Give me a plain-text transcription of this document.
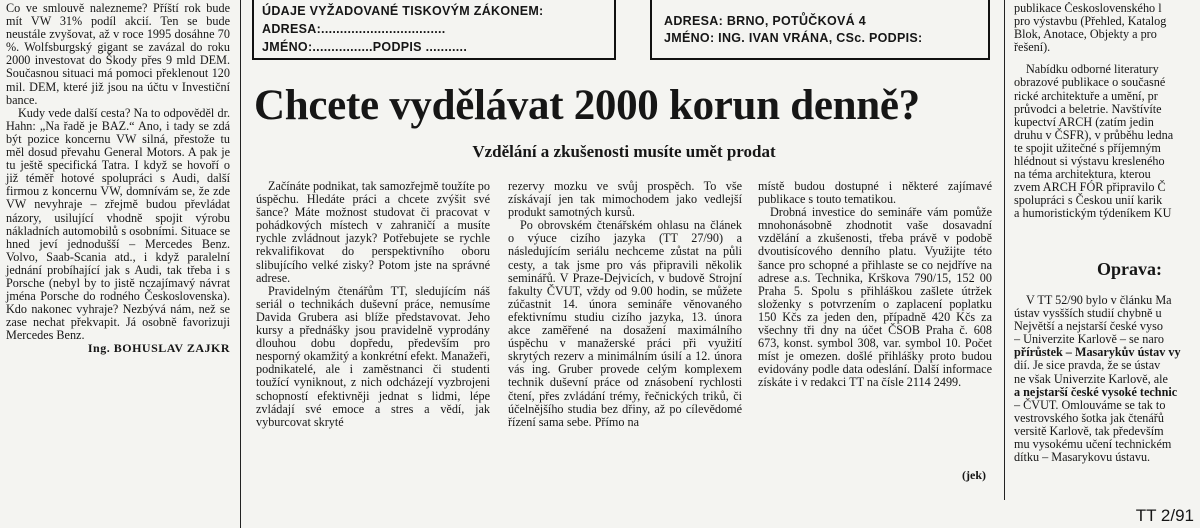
Co ve smlouvě nalezneme? Příští rok bude mít VW 31% podíl akcií. Ten se bude neustále zvyšovat, až v roce 1995 dosáhne 70 %. Wolfsburgský gigant se zavázal do roku 2000 investovat do Škody přes 9 mld DEM. Současnou situaci má pomoci překlenout 120 mil. DEM, které již jsou na účtu v Investiční bance.

Kudy vede další cesta? Na to odpověděl dr. Hahn: „Na řadě je BAZ.“ Ano, i tady se zdá být pozice koncernu VW silná, přestože tu měl dosud převahu General Motors. A pak je tu ještě specifická Tatra. I když se hovoří o již téměř hotové spolupráci s Audi, další firmou z koncernu VW, domnívám se, že zde VW nevyhraje – zřejmě budou převládat názory, usilující vhodně spojit výrobu nákladních automobilů s osobními. Situace se hned jeví jednodušší – Mercedes Benz. Volvo, Saab-Scania atd., i když paralelní jednání probíhající jak s Audi, tak třeba i s Porsche (nebyl by to jistě nczajímavý návrat jména Porsche do rodného Československa). Kdo nakonec vyhraje? Nezbývá nám, než se zase nechat překvapit. Já osobně favorizuji Mercedes Benz.

Ing. BOHUSLAV ZAJKR

ÚDAJE VYŽADOVANÉ TISKOVÝM ZÁKONEM:
ADRESA:.................................
JMÉNO:................PODPIS ...........
ADRESA: BRNO, POTŮČKOVÁ 4
JMÉNO: ING. IVAN VRÁNA, CSc. PODPIS:
Chcete vydělávat 2000 korun denně?
Vzdělání a zkušenosti musíte umět prodat

Začínáte podnikat, tak samozřejmě toužíte po úspěchu. Hledáte práci a chcete zvýšit své šance? Máte možnost studovat či pracovat v pohádkových místech v zahraničí a musíte rychle zvládnout jazyk? Potřebujete se rychle rekvalifikovat do perspektivního oboru slibujícího velké zisky? Potom jste na správné adrese.

Pravidelným čtenářům TT, sledujícím náš seriál o technikách duševní práce, nemusíme Davida Grubera asi blíže představovat. Jeho kursy a přednášky jsou pravidelně vyprodány dlouhou dobu dopředu, především pro nesporný okamžitý a konkrétní efekt. Manažeři, podnikatelé, ale i zaměstnanci či studenti toužící vyniknout, z nich odcházejí vyzbrojeni schopností efektivněji jednat s lidmi, lépe zvládají své emoce a stres a vědí, jak vyburcovat skryté

rezervy mozku ve svůj prospěch. To vše získávají jen tak mimochodem jako vedlejší produkt samotných kursů.

Po obrovském čtenářském ohlasu na článek o výuce cizího jazyka (TT 27/90) a následujícím seriálu nechceme zůstat na půli cesty, a tak jsme pro vás připravili několik seminářů. V Praze-Dejvicích, v budově Strojní fakulty ČVUT, vždy od 9.00 hodin, se můžete zúčastnit 14. února semináře věnovaného efektivnímu studiu cizího jazyka, 13. února akce zaměřené na dosažení maximálního úspěchu v manažerské práci při využití skrytých rezerv a minimálním úsilí a 12. února vás ing. Gruber provede celým komplexem technik duševní práce od znásobení rychlosti čtení, přes zvládání trémy, řečnických triků, či účelnějšího studia bez dřiny, až po cílevědomé řízení sama sebe. Přímo na

místě budou dostupné i některé zajímavé publikace s touto tematikou.

Drobná investice do semináře vám pomůže mnohonásobně zhodnotit vaše dosavadní vzdělání a zkušenosti, třeba právě v podobě dvoutisícového denního platu. Využijte této šance pro schopné a přihlaste se co nejdříve na adrese a.s. Technika, Krškova 790/15, 152 00 Praha 5. Spolu s přihláškou zašlete útržek složenky s potvrzením o zaplacení poplatku 150 Kčs za jeden den, případně 420 Kčs za všechny tři dny na účet ČSOB Praha č. 608 673, konst. symbol 308, var. symbol 10. Počet míst je omezen. došlé přihlášky proto budou evidovány podle data odeslání. Další informace získáte i v redakci TT na čísle 2114 2499.

(jek)
publikace Československého l
pro výstavbu (Přehled, Katalog
Blok, Anotace, Objekty a pro
řešení).
Nabídku odborné literatury
obrazové publikace o současné
rické architektuře a umění, pr
průvodci a beletrie. Navštívíte
kupectví ARCH (zatím jedin
druhu v ČSFR), v průběhu ledna
te spojit užitečné s příjemným
hlédnout si výstavu kresleného
na téma architektura, kterou
zvem ARCH FÓR připravilo Č
spolupráci s Českou unií karik
a humoristickým týdeníkem KU
Oprava:
V TT 52/90 bylo v článku Ma
ústav vysšších studií chybně u
Největší a nejstarší české vyso
– Univerzite Karlově – se naro
přírůstek – Masarykův ústav vy
dií. Je sice pravda, že se ústav
ne však Univerzite Karlově, ale
a nejstarší české vysoké technic
– ČVUT. Omlouváme se tak to
vestrovského šotka jak čtenářů
versitě Karlově, tak především
mu vysokému učení technickém
dítku – Masarykovu ústavu.
TT 2/91
